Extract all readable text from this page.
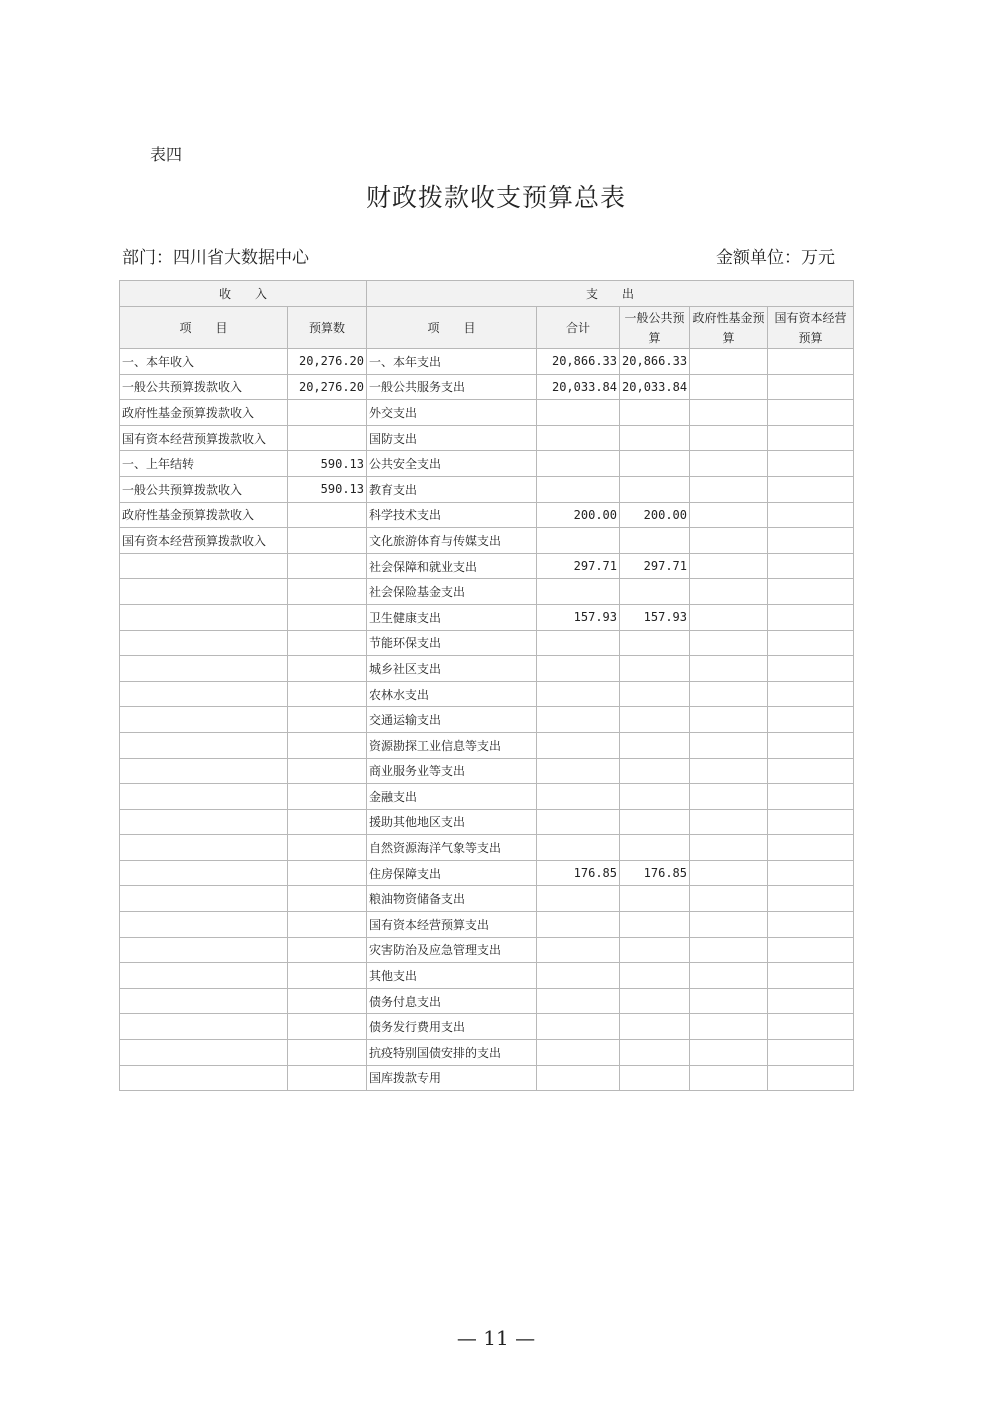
表四
财政拨款收支预算总表
部门：四川省大数据中心	金额单位：万元
收　　入		支　　出				
项　　目	预算数	项　　目	合计	一般公共预算	政府性基金预算	国有资本经营预算
一、本年收入	20,276.20	一、本年支出	20,866.33	20,866.33		
一般公共预算拨款收入	20,276.20	一般公共服务支出	20,033.84	20,033.84		
政府性基金预算拨款收入		外交支出				
国有资本经营预算拨款收入		国防支出				
一、上年结转	590.13	公共安全支出				
一般公共预算拨款收入	590.13	教育支出				
政府性基金预算拨款收入		科学技术支出	200.00	200.00		
国有资本经营预算拨款收入		文化旅游体育与传媒支出				
		社会保障和就业支出	297.71	297.71		
		社会保险基金支出				
		卫生健康支出	157.93	157.93		
		节能环保支出				
		城乡社区支出				
		农林水支出				
		交通运输支出				
		资源勘探工业信息等支出				
		商业服务业等支出				
		金融支出				
		援助其他地区支出				
		自然资源海洋气象等支出				
		住房保障支出	176.85	176.85		
		粮油物资储备支出				
		国有资本经营预算支出				
		灾害防治及应急管理支出				
		其他支出				
		债务付息支出				
		债务发行费用支出				
		抗疫特别国债安排的支出				
		国库拨款专用				
— 11 —
